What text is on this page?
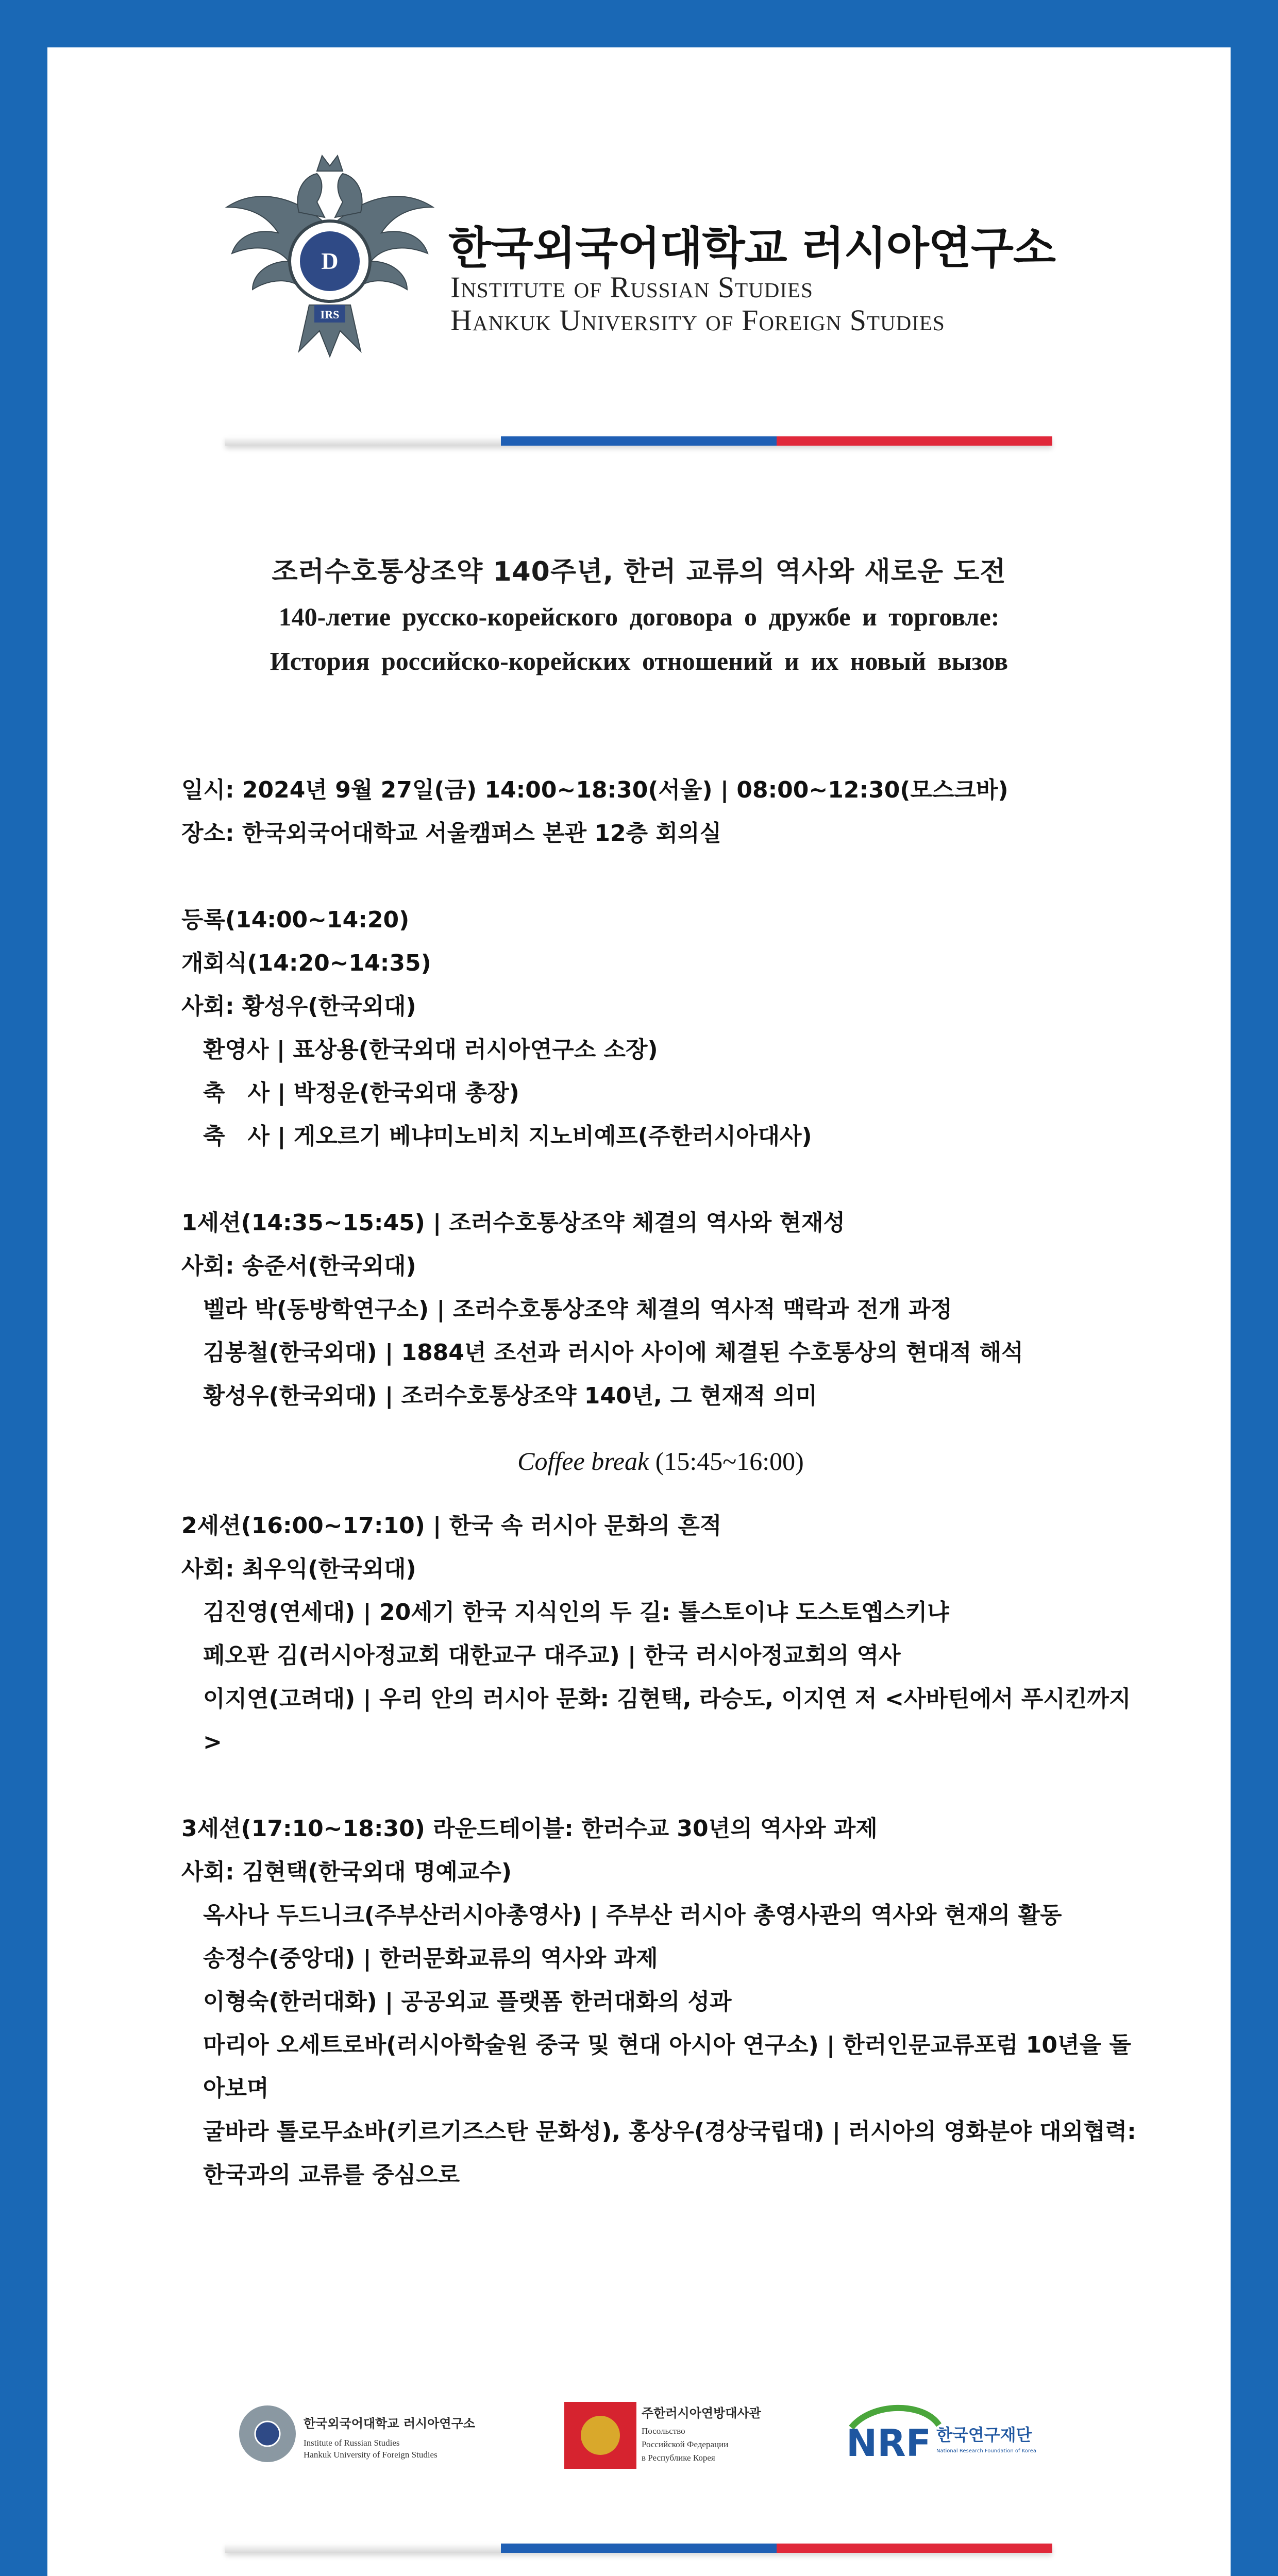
D
IRS
한국외국어대학교 러시아연구소
Institute of Russian Studies
Hankuk University of Foreign Studies
조러수호통상조약 140주년, 한러 교류의 역사와 새로운 도전
140-летие русско-корейского договора о дружбе и торговле:
История российско-корейских отношений и их новый вызов
일시: 2024년 9월 27일(금) 14:00~18:30(서울) | 08:00~12:30(모스크바)
장소: 한국외국어대학교 서울캠퍼스 본관 12층 회의실
등록(14:00~14:20)
개회식(14:20~14:35)
사회: 황성우(한국외대)
환영사 | 표상용(한국외대 러시아연구소 소장)
축　사 | 박정운(한국외대 총장)
축　사 | 게오르기 베냐미노비치 지노비예프(주한러시아대사)
1세션(14:35~15:45) | 조러수호통상조약 체결의 역사와 현재성
사회: 송준서(한국외대)
벨라 박(동방학연구소) | 조러수호통상조약 체결의 역사적 맥락과 전개 과정
김봉철(한국외대) | 1884년 조선과 러시아 사이에 체결된 수호통상의 현대적 해석
황성우(한국외대) | 조러수호통상조약 140년, 그 현재적 의미
Coffee break (15:45~16:00)
2세션(16:00~17:10) | 한국 속 러시아 문화의 흔적
사회: 최우익(한국외대)
김진영(연세대) | 20세기 한국 지식인의 두 길: 톨스토이냐 도스토옙스키냐
페오판 김(러시아정교회 대한교구 대주교) | 한국 러시아정교회의 역사
이지연(고려대) | 우리 안의 러시아 문화: 김현택, 라승도, 이지연 저 <사바틴에서 푸시킨까지>
3세션(17:10~18:30) 라운드테이블: 한러수교 30년의 역사와 과제
사회: 김현택(한국외대 명예교수)
옥사나 두드니크(주부산러시아총영사) | 주부산 러시아 총영사관의 역사와 현재의 활동
송정수(중앙대) | 한러문화교류의 역사와 과제
이형숙(한러대화) | 공공외교 플랫폼 한러대화의 성과
마리아 오세트로바(러시아학술원 중국 및 현대 아시아 연구소) | 한러인문교류포럼 10년을 돌아보며
굴바라 톨로무쇼바(키르기즈스탄 문화성), 홍상우(경상국립대) | 러시아의 영화분야 대외협력: 한국과의 교류를 중심으로
한국외국어대학교 러시아연구소
Institute of Russian Studies
Hankuk University of Foreign Studies
주한러시아연방대사관
Посольство
Российской Федерации
в Республике Корея	NRF 한국연구재단
National Research Foundation of Korea
